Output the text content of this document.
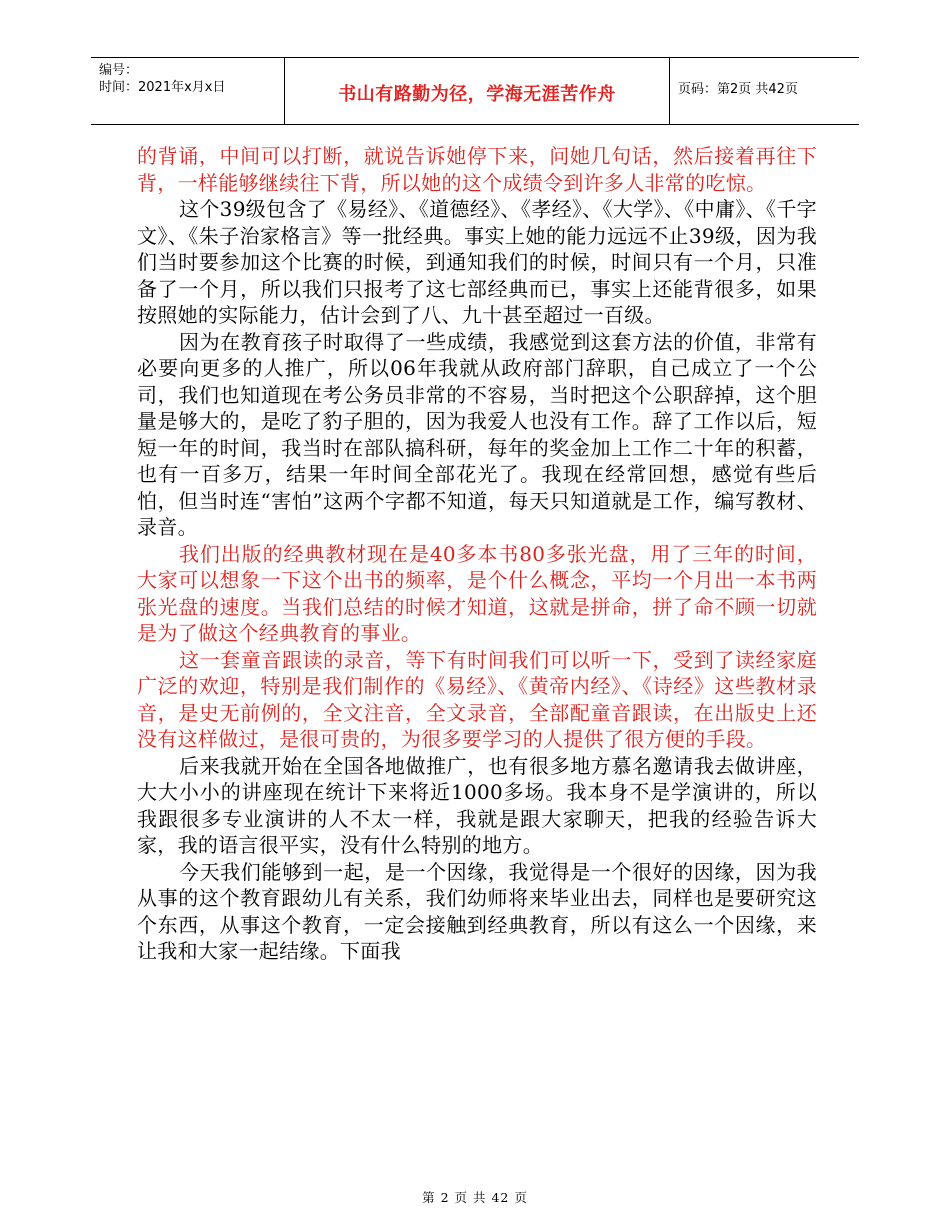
编号：
时间：2021年x月x日	书山有路勤为径，学海无涯苦作舟	页码：第2页 共42页

的背诵，中间可以打断，就说告诉她停下来，问她几句话，然后接着再往下背，一样能够继续往下背，所以她的这个成绩令到许多人非常的吃惊。

这个39级包含了《易经》、《道德经》、《孝经》、《大学》、《中庸》、《千字文》、《朱子治家格言》等一批经典。事实上她的能力远远不止39级，因为我们当时要参加这个比赛的时候，到通知我们的时候，时间只有一个月，只准备了一个月，所以我们只报考了这七部经典而已，事实上还能背很多，如果按照她的实际能力，估计会到了八、九十甚至超过一百级。

因为在教育孩子时取得了一些成绩，我感觉到这套方法的价值，非常有必要向更多的人推广，所以06年我就从政府部门辞职，自己成立了一个公司，我们也知道现在考公务员非常的不容易，当时把这个公职辞掉，这个胆量是够大的，是吃了豹子胆的，因为我爱人也没有工作。辞了工作以后，短短一年的时间，我当时在部队搞科研，每年的奖金加上工作二十年的积蓄，也有一百多万，结果一年时间全部花光了。我现在经常回想，感觉有些后怕，但当时连“害怕”这两个字都不知道，每天只知道就是工作，编写教材、录音。

我们出版的经典教材现在是40多本书80多张光盘，用了三年的时间，大家可以想象一下这个出书的频率，是个什么概念，平均一个月出一本书两张光盘的速度。当我们总结的时候才知道，这就是拼命，拼了命不顾一切就是为了做这个经典教育的事业。

这一套童音跟读的录音，等下有时间我们可以听一下，受到了读经家庭广泛的欢迎，特别是我们制作的《易经》、《黄帝内经》、《诗经》这些教材录音，是史无前例的，全文注音，全文录音，全部配童音跟读，在出版史上还没有这样做过，是很可贵的，为很多要学习的人提供了很方便的手段。

后来我就开始在全国各地做推广，也有很多地方慕名邀请我去做讲座，大大小小的讲座现在统计下来将近1000多场。我本身不是学演讲的，所以我跟很多专业演讲的人不太一样，我就是跟大家聊天，把我的经验告诉大家，我的语言很平实，没有什么特别的地方。

今天我们能够到一起，是一个因缘，我觉得是一个很好的因缘，因为我从事的这个教育跟幼儿有关系，我们幼师将来毕业出去，同样也是要研究这个东西，从事这个教育，一定会接触到经典教育，所以有这么一个因缘，来让我和大家一起结缘。下面我

第 2 页 共 42 页
